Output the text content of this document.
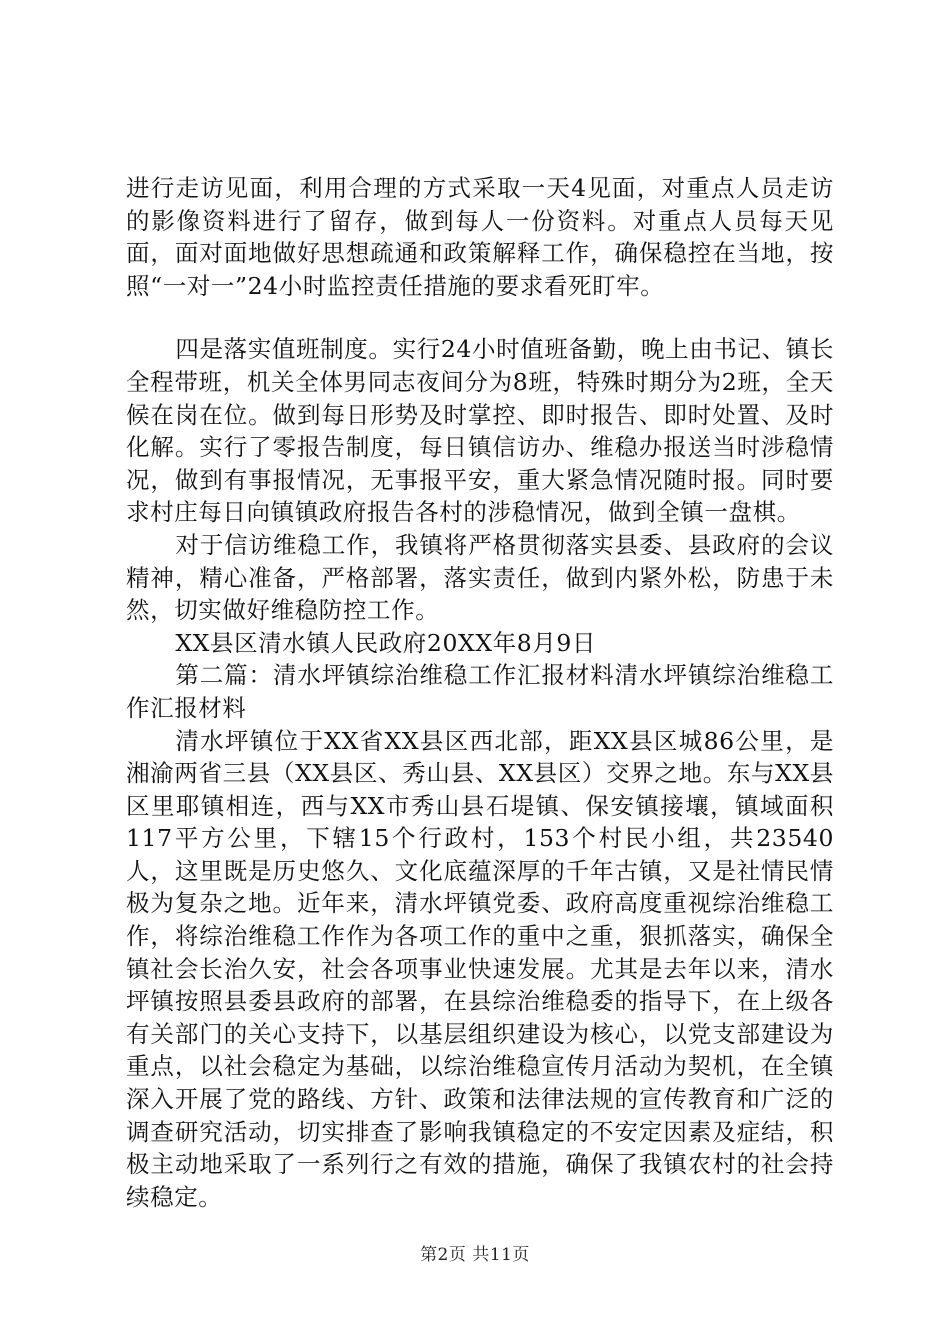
进行走访见面，利用合理的方式采取一天4见面，对重点人员走访的影像资料进行了留存，做到每人一份资料。对重点人员每天见面，面对面地做好思想疏通和政策解释工作，确保稳控在当地，按照“一对一”24小时监控责任措施的要求看死盯牢。

四是落实值班制度。实行24小时值班备勤，晚上由书记、镇长全程带班，机关全体男同志夜间分为8班，特殊时期分为2班，全天候在岗在位。做到每日形势及时掌控、即时报告、即时处置、及时化解。实行了零报告制度，每日镇信访办、维稳办报送当时涉稳情况，做到有事报情况，无事报平安，重大紧急情况随时报。同时要求村庄每日向镇镇政府报告各村的涉稳情况，做到全镇一盘棋。

对于信访维稳工作，我镇将严格贯彻落实县委、县政府的会议精神，精心准备，严格部署，落实责任，做到内紧外松，防患于未然，切实做好维稳防控工作。

XX县区清水镇人民政府20XX年8月9日

第二篇：清水坪镇综治维稳工作汇报材料清水坪镇综治维稳工作汇报材料

清水坪镇位于XX省XX县区西北部，距XX县区城86公里，是湘渝两省三县（XX县区、秀山县、XX县区）交界之地。东与XX县区里耶镇相连，西与XX市秀山县石堤镇、保安镇接壤，镇域面积117平方公里，下辖15个行政村，153个村民小组，共23540人，这里既是历史悠久、文化底蕴深厚的千年古镇，又是社情民情极为复杂之地。近年来，清水坪镇党委、政府高度重视综治维稳工作，将综治维稳工作作为各项工作的重中之重，狠抓落实，确保全镇社会长治久安，社会各项事业快速发展。尤其是去年以来，清水坪镇按照县委县政府的部署，在县综治维稳委的指导下，在上级各有关部门的关心支持下，以基层组织建设为核心，以党支部建设为重点，以社会稳定为基础，以综治维稳宣传月活动为契机，在全镇深入开展了党的路线、方针、政策和法律法规的宣传教育和广泛的调查研究活动，切实排查了影响我镇稳定的不安定因素及症结，积极主动地采取了一系列行之有效的措施，确保了我镇农村的社会持续稳定。

第2页 共11页
